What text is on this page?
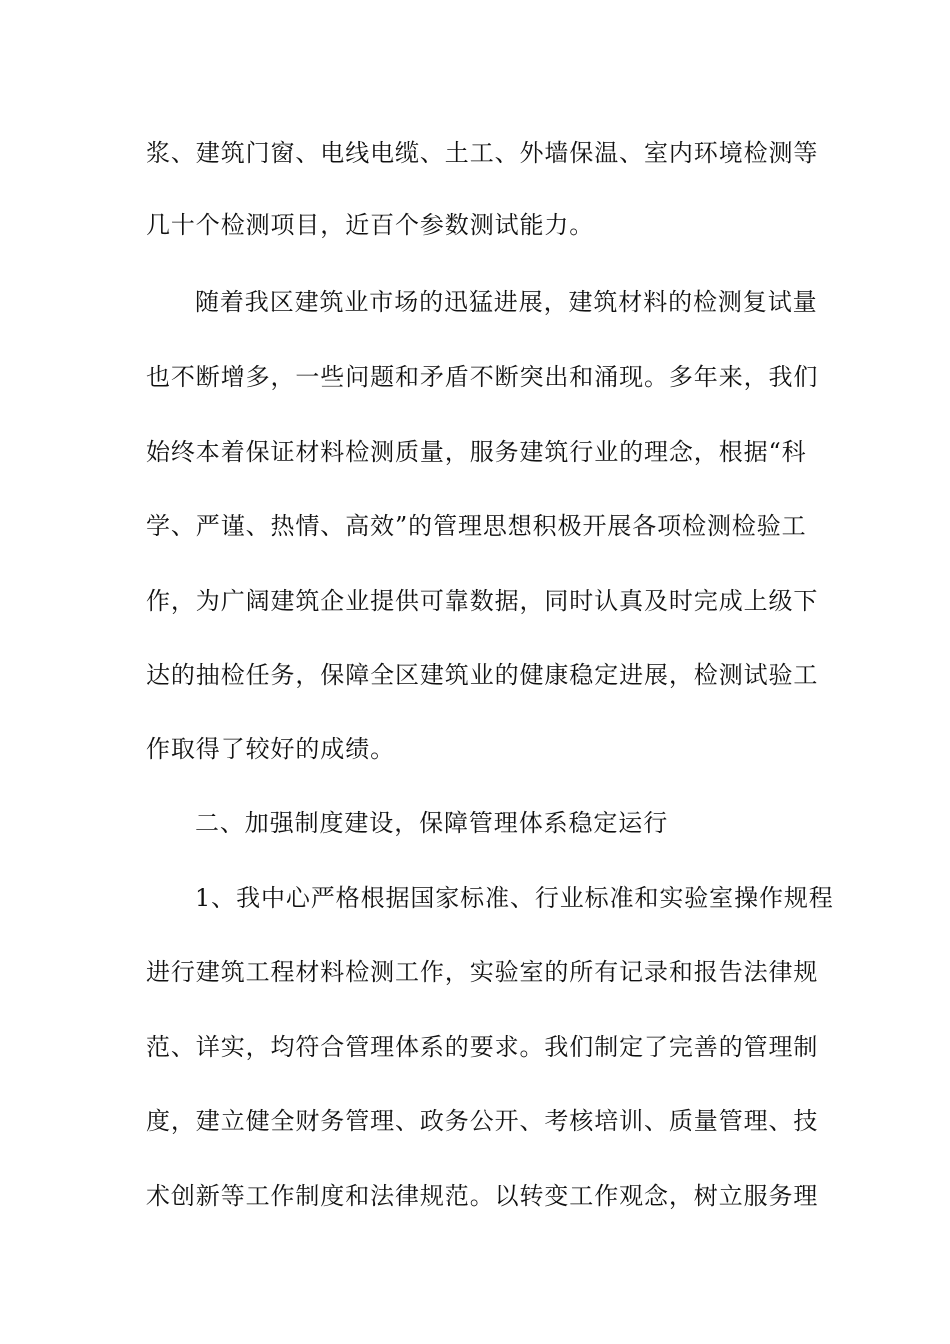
浆、建筑门窗、电线电缆、土工、外墙保温、室内环境检测等
几十个检测项目，近百个参数测试能力。
随着我区建筑业市场的迅猛进展，建筑材料的检测复试量
也不断增多，一些问题和矛盾不断突出和涌现。多年来，我们
始终本着保证材料检测质量，服务建筑行业的理念，根据“科
学、严谨、热情、高效”的管理思想积极开展各项检测检验工
作，为广阔建筑企业提供可靠数据，同时认真及时完成上级下
达的抽检任务，保障全区建筑业的健康稳定进展，检测试验工
作取得了较好的成绩。
二、加强制度建设，保障管理体系稳定运行
1、我中心严格根据国家标准、行业标准和实验室操作规程
进行建筑工程材料检测工作，实验室的所有记录和报告法律规
范、详实，均符合管理体系的要求。我们制定了完善的管理制
度，建立健全财务管理、政务公开、考核培训、质量管理、技
术创新等工作制度和法律规范。以转变工作观念，树立服务理
